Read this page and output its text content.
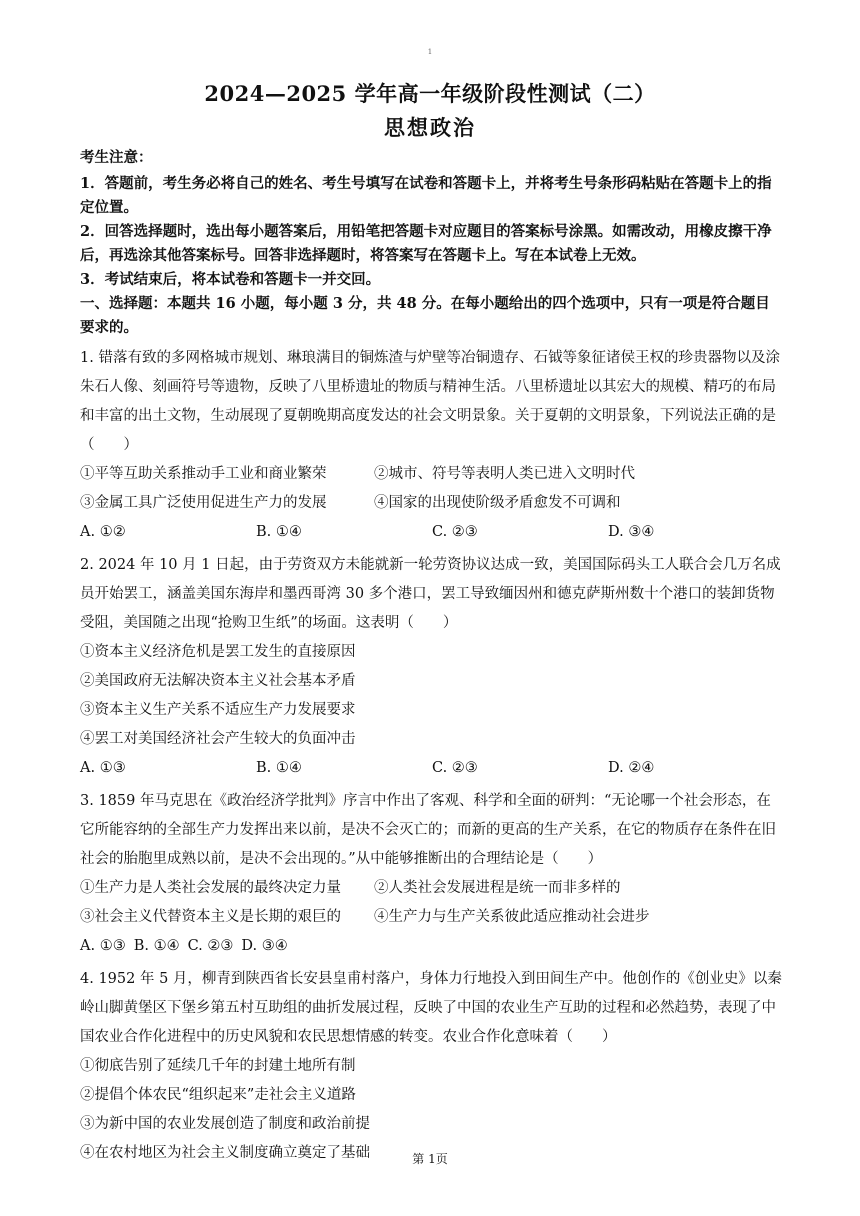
1
2024—2025 学年高一年级阶段性测试（二）
思想政治
考生注意：

1．答题前，考生务必将自己的姓名、考生号填写在试卷和答题卡上，并将考生号条形码粘贴在答题卡上的指定位置。

2．回答选择题时，选出每小题答案后，用铅笔把答题卡对应题目的答案标号涂黑。如需改动，用橡皮擦干净后，再选涂其他答案标号。回答非选择题时，将答案写在答题卡上。写在本试卷上无效。

3．考试结束后，将本试卷和答题卡一并交回。

一、选择题：本题共 16 小题，每小题 3 分，共 48 分。在每小题给出的四个选项中，只有一项是符合题目要求的。

1. 错落有致的多网格城市规划、琳琅满目的铜炼渣与炉壁等冶铜遗存、石钺等象征诸侯王权的珍贵器物以及涂朱石人像、刻画符号等遗物，反映了八里桥遗址的物质与精神生活。八里桥遗址以其宏大的规模、精巧的布局和丰富的出土文物，生动展现了夏朝晚期高度发达的社会文明景象。关于夏朝的文明景象，下列说法正确的是（　　）

①平等互助关系推动手工业和商业繁荣	②城市、符号等表明人类已进入文明时代
③金属工具广泛使用促进生产力的发展	④国家的出现使阶级矛盾愈发不可调和
A. ①②	B. ①④	C. ②③	D. ③④

2. 2024 年 10 月 1 日起，由于劳资双方未能就新一轮劳资协议达成一致，美国国际码头工人联合会几万名成员开始罢工，涵盖美国东海岸和墨西哥湾 30 多个港口，罢工导致缅因州和德克萨斯州数十个港口的装卸货物受阻，美国随之出现“抢购卫生纸”的场面。这表明（　　）

①资本主义经济危机是罢工发生的直接原因
②美国政府无法解决资本主义社会基本矛盾
③资本主义生产关系不适应生产力发展要求
④罢工对美国经济社会产生较大的负面冲击
A. ①③	B. ①④	C. ②③	D. ②④

3. 1859 年马克思在《政治经济学批判》序言中作出了客观、科学和全面的研判：“无论哪一个社会形态，在它所能容纳的全部生产力发挥出来以前，是决不会灭亡的；而新的更高的生产关系，在它的物质存在条件在旧社会的胎胞里成熟以前，是决不会出现的。”从中能够推断出的合理结论是（　　）

①生产力是人类社会发展的最终决定力量	②人类社会发展进程是统一而非多样的
③社会主义代替资本主义是长期的艰巨的	④生产力与生产关系彼此适应推动社会进步
A. ①③ B. ①④ C. ②③ D. ③④

4. 1952 年 5 月，柳青到陕西省长安县皇甫村落户，身体力行地投入到田间生产中。他创作的《创业史》以秦岭山脚黄堡区下堡乡第五村互助组的曲折发展过程，反映了中国的农业生产互助的过程和必然趋势，表现了中国农业合作化进程中的历史风貌和农民思想情感的转变。农业合作化意味着（　　）

①彻底告别了延续几千年的封建土地所有制
②提倡个体农民“组织起来”走社会主义道路
③为新中国的农业发展创造了制度和政治前提
④在农村地区为社会主义制度确立奠定了基础	第 1页
